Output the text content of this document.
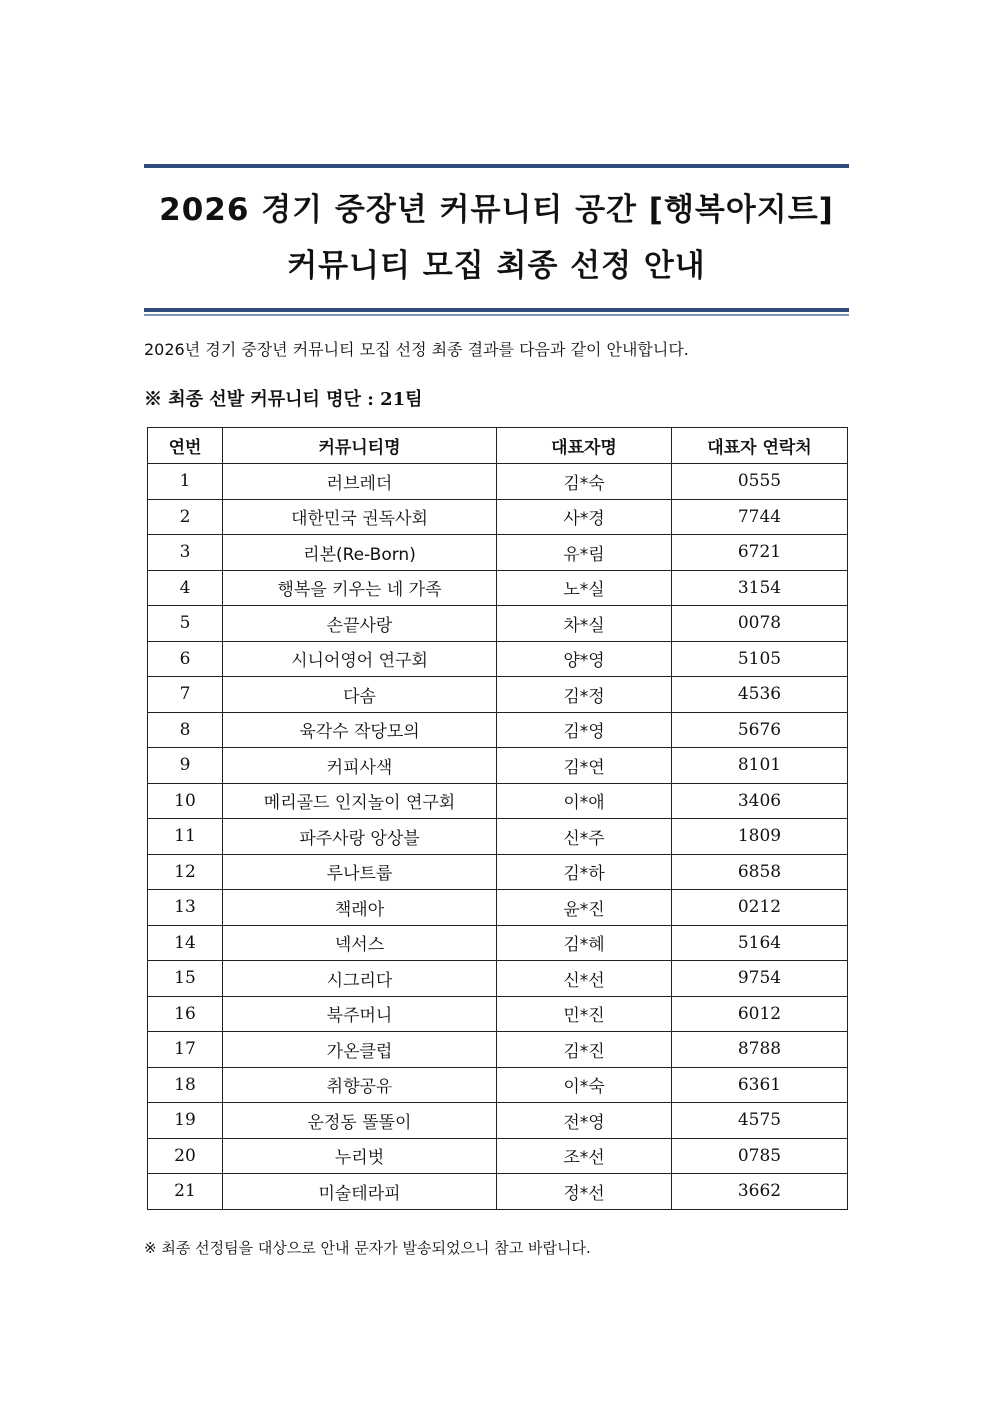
2026 경기 중장년 커뮤니티 공간 [행복아지트]
커뮤니티 모집 최종 선정 안내
2026년 경기 중장년 커뮤니티 모집 선정 최종 결과를 다음과 같이 안내합니다.
※ 최종 선발 커뮤니티 명단 : 21팀
연번	커뮤니티명	대표자명	대표자 연락처
1	러브레더	김*숙	0555
2	대한민국 권독사회	사*경	7744
3	리본(Re-Born)	유*림	6721
4	행복을 키우는 네 가족	노*실	3154
5	손끝사랑	차*실	0078
6	시니어영어 연구회	양*영	5105
7	다솜	김*정	4536
8	육각수 작당모의	김*영	5676
9	커피사색	김*연	8101
10	메리골드 인지놀이 연구회	이*애	3406
11	파주사랑 앙상블	신*주	1809
12	루나트룹	김*하	6858
13	책래아	윤*진	0212
14	넥서스	김*혜	5164
15	시그리다	신*선	9754
16	북주머니	민*진	6012
17	가온클럽	김*진	8788
18	취향공유	이*숙	6361
19	운정동 똘똘이	전*영	4575
20	누리벗	조*선	0785
21	미술테라피	정*선	3662
※ 최종 선정팀을 대상으로 안내 문자가 발송되었으니 참고 바랍니다.
